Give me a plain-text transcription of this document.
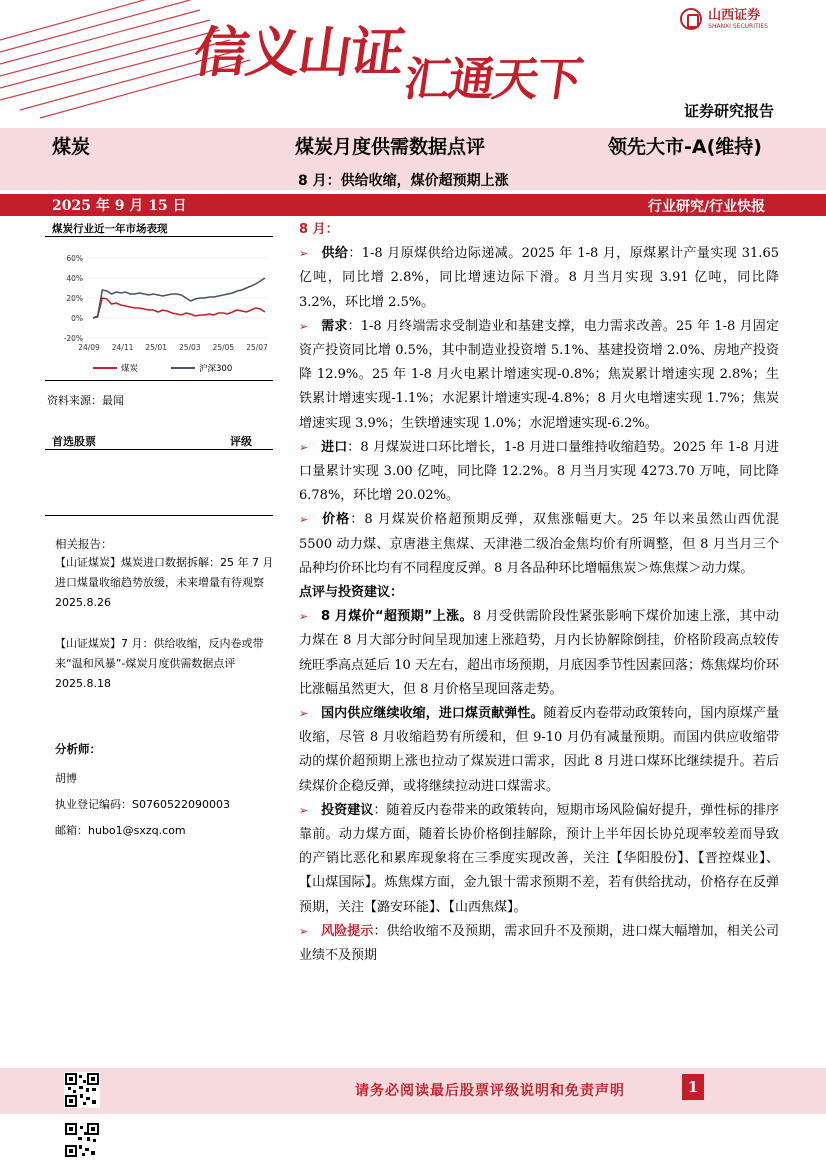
信义山证汇通天下
山西证券
SHANXI SECURITIES
证券研究报告
煤炭	煤炭月度供需数据点评	领先大市-A(维持)
8 月：供给收缩，煤价超预期上涨
2025 年 9 月 15 日	行业研究/行业快报
煤炭行业近一年市场表现
60%
40%
20%
0%
-20%
24/09 24/11 25/01 25/03 25/05 25/07
煤炭	沪深300
资料来源：最闻
首选股票	评级
相关报告：
【山证煤炭】煤炭进口数据拆解：25 年 7 月进口煤量收缩趋势放缓，未来增量有待观察 2025.8.26
【山证煤炭】7 月：供给收缩，反内卷或带来“温和风暴”-煤炭月度供需数据点评 2025.8.18
分析师：
胡博
执业登记编码：S0760522090003
邮箱：hubo1@sxzq.com
8 月：
➢ 供给：1-8 月原煤供给边际递减。2025 年 1-8 月，原煤累计产量实现 31.65 亿吨，同比增 2.8%，同比增速边际下滑。8 月当月实现 3.91 亿吨，同比降 3.2%，环比增 2.5%。
➢ 需求：1-8 月终端需求受制造业和基建支撑，电力需求改善。25 年 1-8 月固定资产投资同比增 0.5%，其中制造业投资增 5.1%、基建投资增 2.0%、房地产投资降 12.9%。25 年 1-8 月火电累计增速实现-0.8%；焦炭累计增速实现 2.8%；生铁累计增速实现-1.1%；水泥累计增速实现-4.8%；8 月火电增速实现 1.7%；焦炭增速实现 3.9%；生铁增速实现 1.0%；水泥增速实现-6.2%。
➢ 进口：8 月煤炭进口环比增长，1-8 月进口量维持收缩趋势。2025 年 1-8 月进口量累计实现 3.00 亿吨，同比降 12.2%。8 月当月实现 4273.70 万吨，同比降 6.78%，环比增 20.02%。
➢ 价格：8 月煤炭价格超预期反弹，双焦涨幅更大。25 年以来虽然山西优混 5500 动力煤、京唐港主焦煤、天津港二级冶金焦均价有所调整，但 8 月当月三个品种均价环比均有不同程度反弹。8 月各品种环比增幅焦炭＞炼焦煤＞动力煤。
点评与投资建议：
➢ 8 月煤价“超预期”上涨。8 月受供需阶段性紧张影响下煤价加速上涨，其中动力煤在 8 月大部分时间呈现加速上涨趋势，月内长协解除倒挂，价格阶段高点较传统旺季高点延后 10 天左右，超出市场预期，月底因季节性因素回落；炼焦煤均价环比涨幅虽然更大，但 8 月价格呈现回落走势。
➢ 国内供应继续收缩，进口煤贡献弹性。随着反内卷带动政策转向，国内原煤产量收缩，尽管 8 月收缩趋势有所缓和，但 9-10 月仍有减量预期。而国内供应收缩带动的煤价超预期上涨也拉动了煤炭进口需求，因此 8 月进口煤环比继续提升。若后续煤价企稳反弹，或将继续拉动进口煤需求。
➢ 投资建议：随着反内卷带来的政策转向，短期市场风险偏好提升，弹性标的排序靠前。动力煤方面，随着长协价格倒挂解除，预计上半年因长协兑现率较差而导致的产销比恶化和累库现象将在三季度实现改善，关注【华阳股份】、【晋控煤业】、【山煤国际】。炼焦煤方面，金九银十需求预期不差，若有供给扰动，价格存在反弹预期，关注【潞安环能】、【山西焦煤】。
➢ 风险提示：供给收缩不及预期，需求回升不及预期，进口煤大幅增加，相关公司业绩不及预期
请务必阅读最后股票评级说明和免责声明	1
